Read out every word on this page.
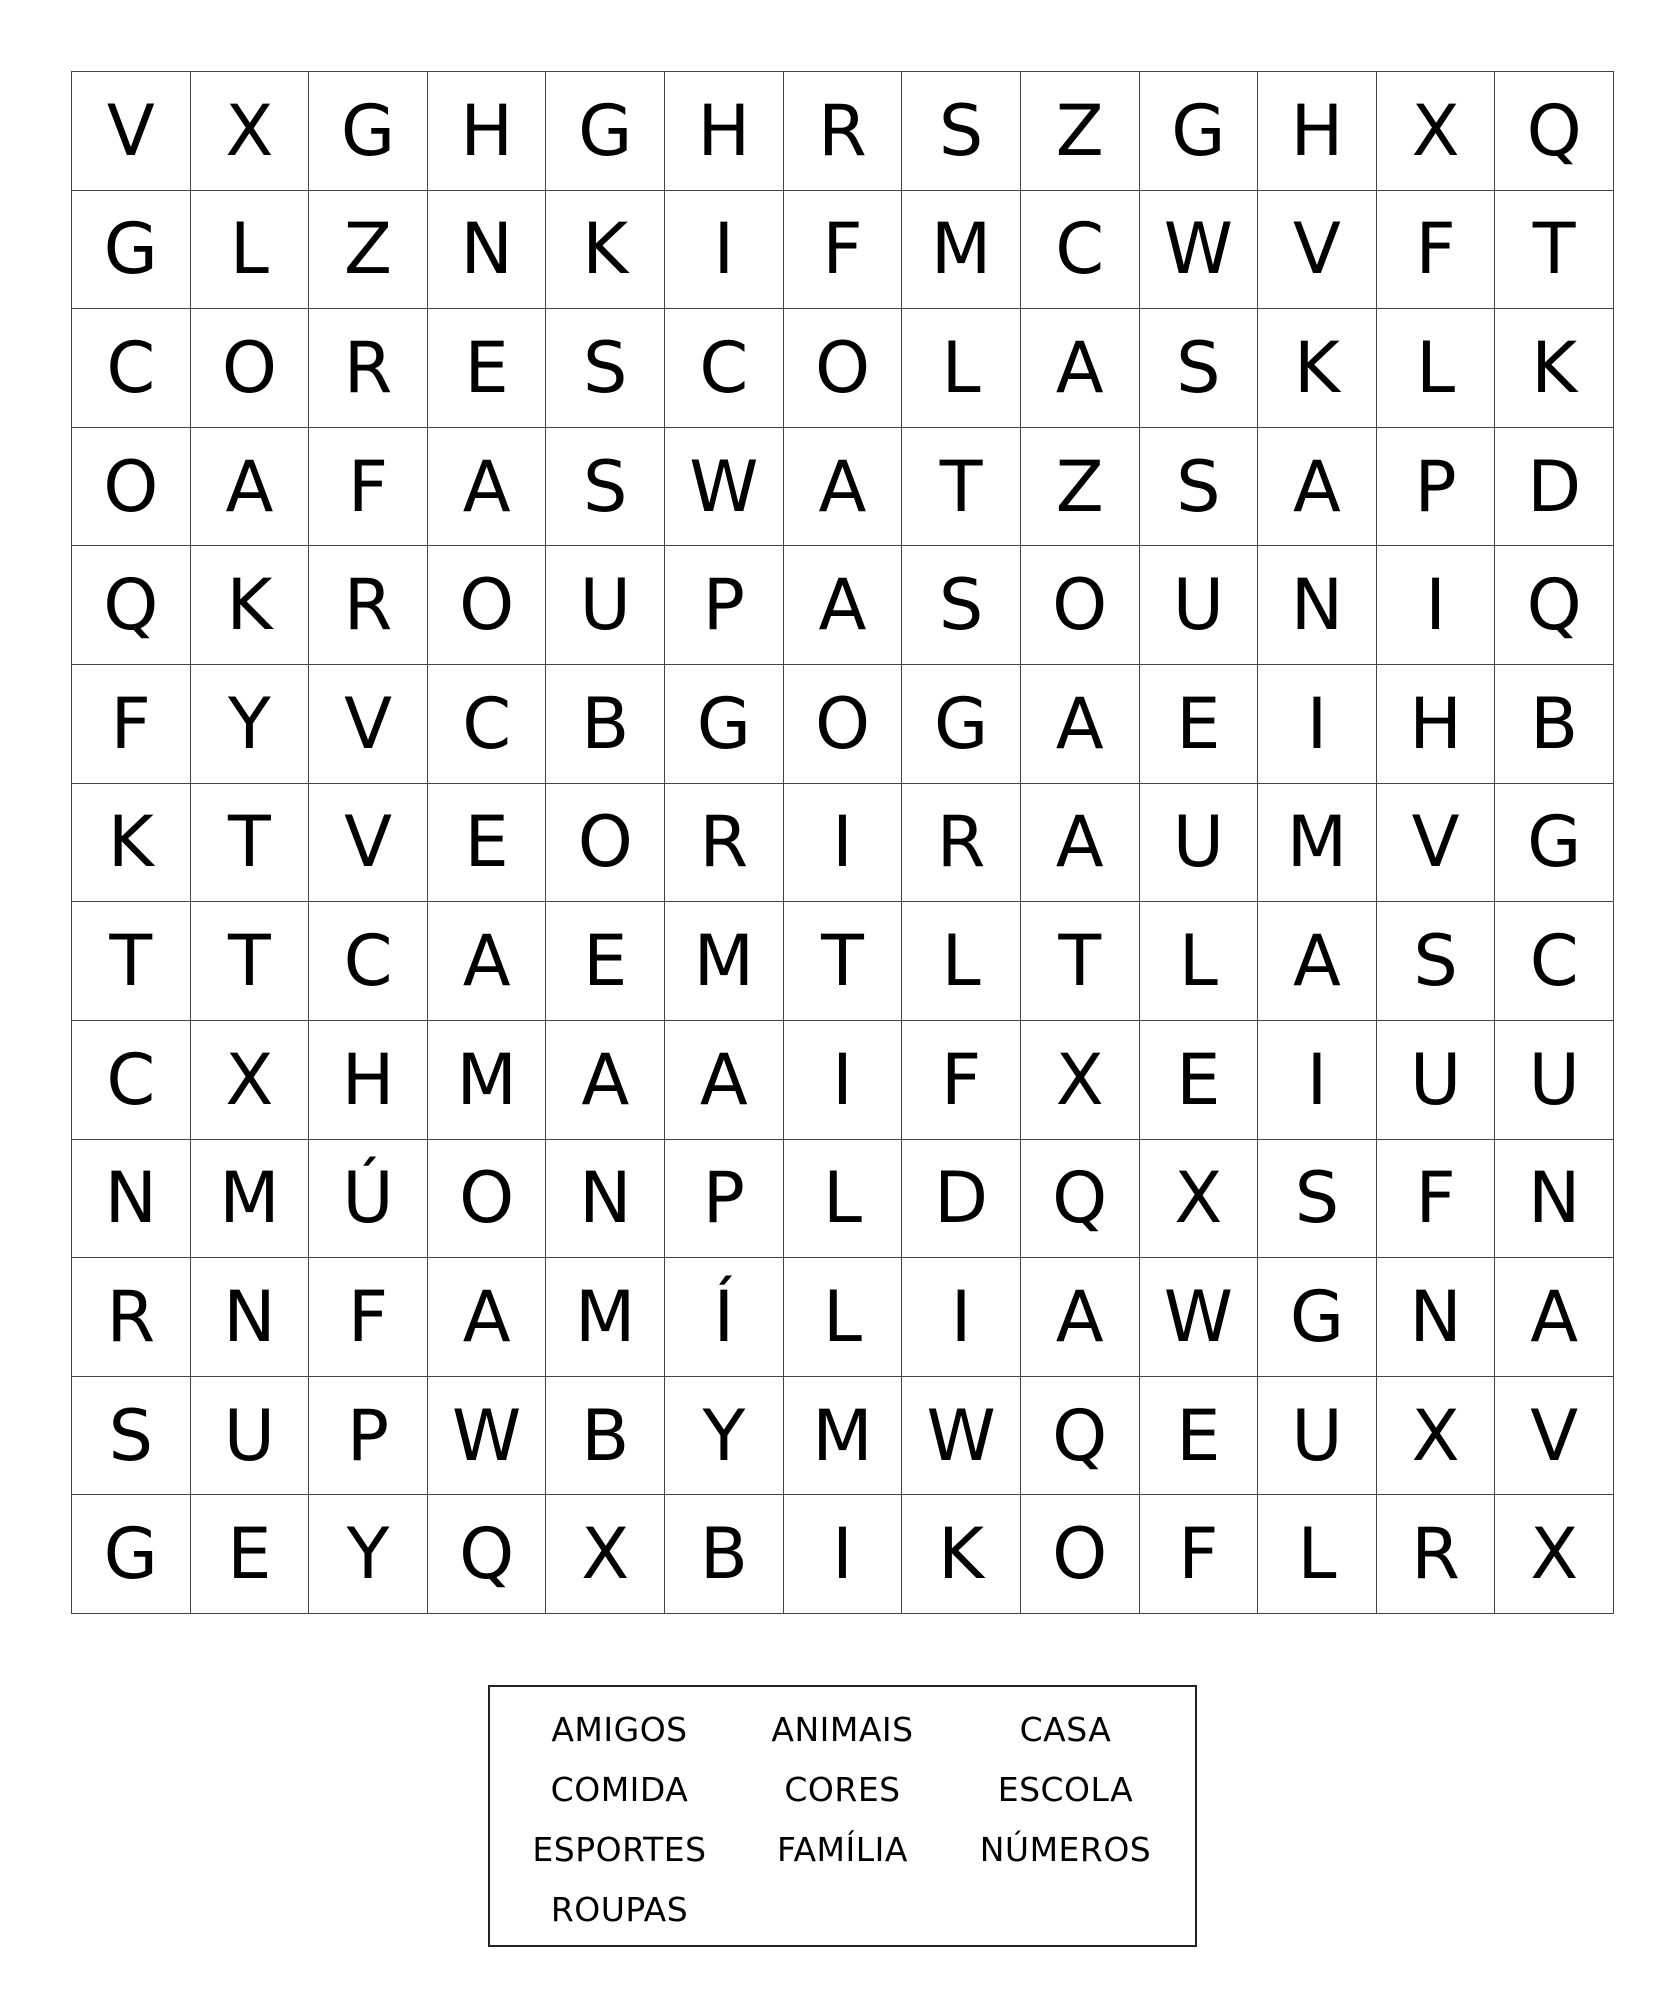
V	X G H G H R	S	Z G H X Q
G	L	Z N K	I	F M C W V	F	T
C O R	E	S	C O	L	A	S	K	L	K
O A	F	A	S W A	T	Z	S	A	P	D
Q K	R O U	P	A	S O U N	I	Q
F	Y	V	C	B G O G A	E	I	H B
K	T	V	E O R	I	R	A U M V G
T	T	C	A	E M T	L	T	L	A	S	C
C	X H M A	A	I	F	X	E	I	U U
N M Ú O N	P	L	D Q X	S	F	N
R N	F	A M	Í	L	I	A W G N A
S	U	P W B	Y M W Q E	U X	V
G E	Y Q X	B	I	K O	F	L	R	X
AMIGOS	ANIMAIS	CASA
COMIDA	CORES	ESCOLA
ESPORTES	FAMÍLIA	NÚMEROS
ROUPAS
